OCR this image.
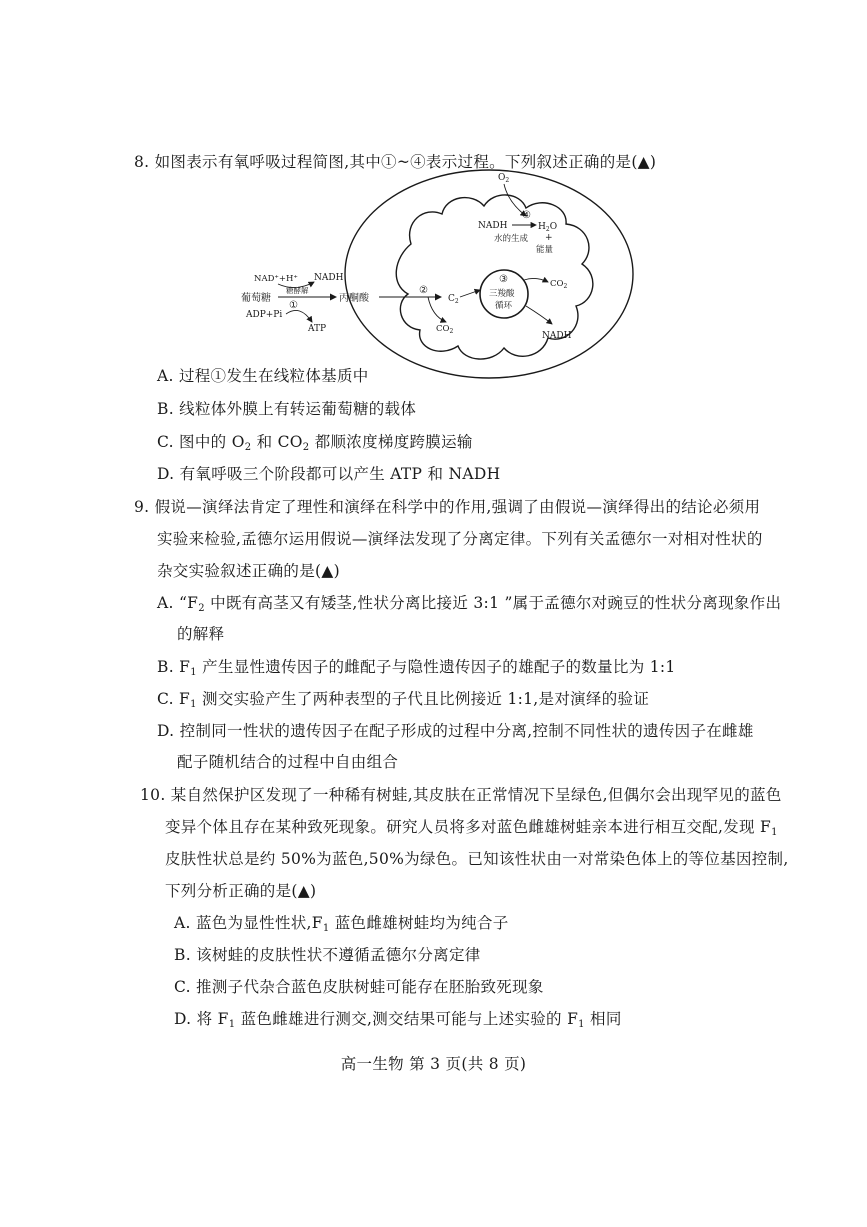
8. 如图表示有氧呼吸过程简图,其中①~④表示过程。下列叙述正确的是(▲)
葡萄糖
NAD⁺+H⁺ NADH
糖酵解
①
ADP+Pi
ATP
丙酮酸
②
$CO_2$
$C_2$
③
三羧酸
循环
$CO_2$
NADH
$O_2$
④
NADH	$H_2O$
水的生成 +
能量
A. 过程①发生在线粒体基质中
B. 线粒体外膜上有转运葡萄糖的载体
C. 图中的 $O_2$ 和 $CO_2$ 都顺浓度梯度跨膜运输
D. 有氧呼吸三个阶段都可以产生 ATP 和 NADH
9. 假说—演绎法肯定了理性和演绎在科学中的作用,强调了由假说—演绎得出的结论必须用
实验来检验,孟德尔运用假说—演绎法发现了分离定律。下列有关孟德尔一对相对性状的
杂交实验叙述正确的是(▲)
A. “$F_2$ 中既有高茎又有矮茎,性状分离比接近 3:1 ”属于孟德尔对豌豆的性状分离现象作出
的解释
B. $F_1$ 产生显性遗传因子的雌配子与隐性遗传因子的雄配子的数量比为 1:1
C. $F_1$ 测交实验产生了两种表型的子代且比例接近 1:1,是对演绎的验证
D. 控制同一性状的遗传因子在配子形成的过程中分离,控制不同性状的遗传因子在雌雄
配子随机结合的过程中自由组合
10. 某自然保护区发现了一种稀有树蛙,其皮肤在正常情况下呈绿色,但偶尔会出现罕见的蓝色
变异个体且存在某种致死现象。研究人员将多对蓝色雌雄树蛙亲本进行相互交配,发现 $F_1$
皮肤性状总是约 50%为蓝色,50%为绿色。已知该性状由一对常染色体上的等位基因控制,
下列分析正确的是(▲)
A. 蓝色为显性性状$,F_1$ 蓝色雌雄树蛙均为纯合子
B. 该树蛙的皮肤性状不遵循孟德尔分离定律
C. 推测子代杂合蓝色皮肤树蛙可能存在胚胎致死现象
D. 将 $F_1$ 蓝色雌雄进行测交,测交结果可能与上述实验的 $F_1$ 相同
高一生物 第 3 页(共 8 页)
